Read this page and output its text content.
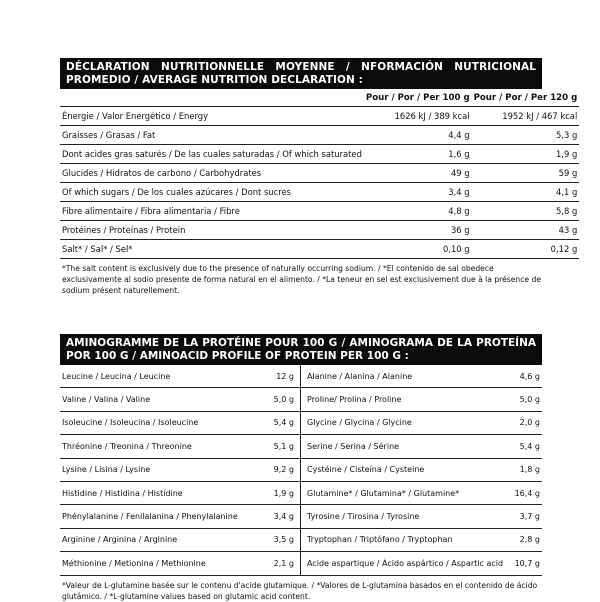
DÉCLARATION NUTRITIONNELLE MOYENNE / NFORMACIÓN NUTRICIONAL PROMEDIO / AVERAGE NUTRITION DECLARATION :
	Pour / Por / Per 100 g	Pour / Por / Per 120 g
Énergie / Valor Energético / Energy	1626 kJ / 389 kcal	1952 kJ / 467 kcal
Graisses / Grasas / Fat	4,4 g	5,3 g
Dont acides gras saturés / De las cuales saturadas / Of which saturated	1,6 g	1,9 g
Glucides / Hidratos de carbono / Carbohydrates	49 g	59 g
Of which sugars / De los cuales azúcares / Dont sucres	3,4 g	4,1 g
Fibre alimentaire / Fibra alimentaria / Fibre	4,8 g	5,8 g
Protéines / Proteínas / Protein	36 g	43 g
Salt* / Sal* / Sel*	0,10 g	0,12 g
*The salt content is exclusively due to the presence of naturally occurring sodium. / *El contenido de sal obedece exclusivamente al sodio presente de forma natural en el alimento. / *La teneur en sel est exclusivement due à la présence de sodium présent naturellement.
AMINOGRAMME DE LA PROTÉINE POUR 100 G / AMINOGRAMA DE LA PROTEÍNA POR 100 G / AMINOACID PROFILE OF PROTEIN PER 100 G :
Leucine / Leucina / Leucine	12 g	Alanine / Alanina / Alanine	4,6 g
Valine / Valina / Valine	5,0 g	Proline/ Prolina / Proline	5,0 g
Isoleucine / Isoleucina / Isoleucine	5,4 g	Glycine / Glycina / Glycine	2,0 g
Thréonine / Treonina / Threonine	5,1 g	Serine / Serina / Sérine	5,4 g
Lysine / Lisina / Lysine	9,2 g	Cystéine / Cisteína / Cysteine	1,8 g
Histidine / Histidina / Histidine	1,9 g	Glutamine* / Glutamina* / Glutamine*	16,4 g
Phénylalanine / Fenilalanina / Phenylalanine	3,4 g	Tyrosine / Tirosina / Tyrosine	3,7 g
Arginine / Arginina / Arginine	3,5 g	Tryptophan / Triptófano / Tryptophan	2,8 g
Méthionine / Metionina / Methionine	2,1 g	Acide aspartique / Ácido aspártico / Aspartic acid	10,7 g
*Valeur de L-glutamine basée sur le contenu d'acide glutamique. / *Valores de L-glutamina basados en el contenido de ácido glutámico. / *L-glutamine values based on glutamic acid content.
